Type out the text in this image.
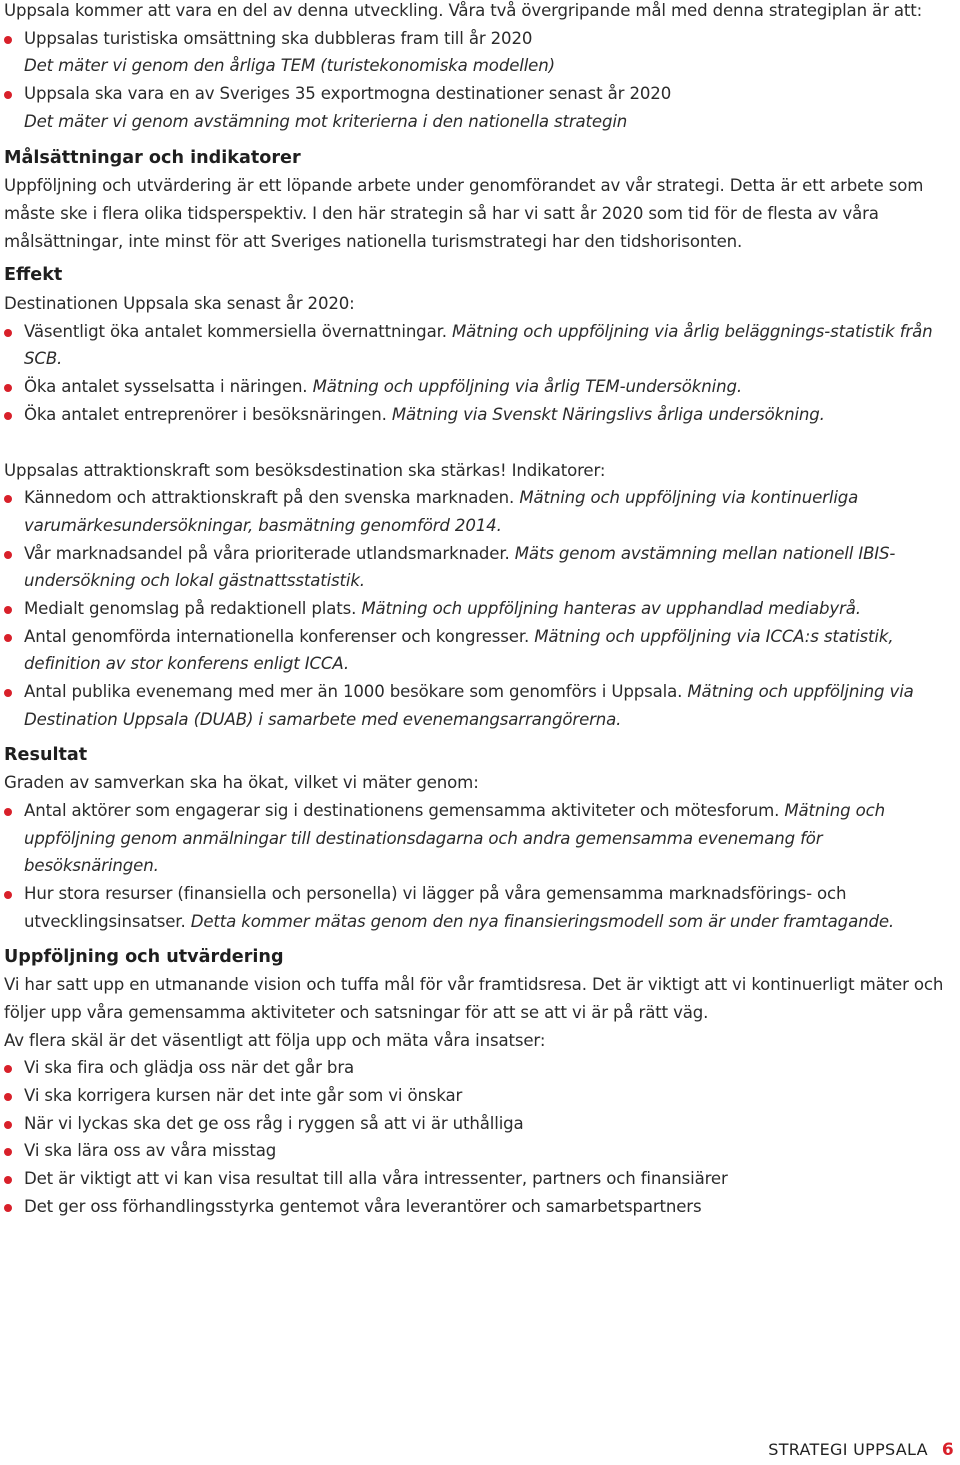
Uppsala kommer att vara en del av denna utveckling. Våra två övergripande mål med denna strategiplan är att:

Uppsalas turistiska omsättning ska dubbleras fram till år 2020

Det mäter vi genom den årliga TEM (turistekonomiska modellen)

Uppsala ska vara en av Sveriges 35 exportmogna destinationer senast år 2020

Det mäter vi genom avstämning mot kriterierna i den nationella strategin

Målsättningar och indikatorer

Uppföljning och utvärdering är ett löpande arbete under genomförandet av vår strategi. Detta är ett arbete som måste ske i flera olika tidsperspektiv. I den här strategin så har vi satt år 2020 som tid för de flesta av våra målsättningar, inte minst för att Sveriges nationella turismstrategi har den tidshorisonten.

Effekt

Destinationen Uppsala ska senast år 2020:

Väsentligt öka antalet kommersiella övernattningar. Mätning och uppföljning via årlig beläggnings-statistik från SCB.
Öka antalet sysselsatta i näringen. Mätning och uppföljning via årlig TEM-undersökning.
Öka antalet entreprenörer i besöksnäringen. Mätning via Svenskt Näringslivs årliga undersökning.

Uppsalas attraktionskraft som besöksdestination ska stärkas! Indikatorer:

Kännedom och attraktionskraft på den svenska marknaden. Mätning och uppföljning via kontinuerliga varumärkesundersökningar, basmätning genomförd 2014.
Vår marknadsandel på våra prioriterade utlandsmarknader. Mäts genom avstämning mellan nationell IBIS-undersökning och lokal gästnattsstatistik.
Medialt genomslag på redaktionell plats. Mätning och uppföljning hanteras av upphandlad mediabyrå.
Antal genomförda internationella konferenser och kongresser. Mätning och uppföljning via ICCA:s statistik, definition av stor konferens enligt ICCA.
Antal publika evenemang med mer än 1000 besökare som genomförs i Uppsala. Mätning och uppföljning via Destination Uppsala (DUAB) i samarbete med evenemangsarrangörerna.
Resultat

Graden av samverkan ska ha ökat, vilket vi mäter genom:

Antal aktörer som engagerar sig i destinationens gemensamma aktiviteter och mötesforum. Mätning och uppföljning genom anmälningar till destinationsdagarna och andra gemensamma evenemang för besöksnäringen.
Hur stora resurser (finansiella och personella) vi lägger på våra gemensamma marknadsförings- och utvecklingsinsatser. Detta kommer mätas genom den nya finansieringsmodell som är under framtagande.
Uppföljning och utvärdering

Vi har satt upp en utmanande vision och tuffa mål för vår framtidsresa. Det är viktigt att vi kontinuerligt mäter och följer upp våra gemensamma aktiviteter och satsningar för att se att vi är på rätt väg.

Av flera skäl är det väsentligt att följa upp och mäta våra insatser:

Vi ska fira och glädja oss när det går bra
Vi ska korrigera kursen när det inte går som vi önskar
När vi lyckas ska det ge oss råg i ryggen så att vi är uthålliga
Vi ska lära oss av våra misstag
Det är viktigt att vi kan visa resultat till alla våra intressenter, partners och finansiärer
Det ger oss förhandlingsstyrka gentemot våra leverantörer och samarbetspartners
STRATEGI UPPSALA 6
